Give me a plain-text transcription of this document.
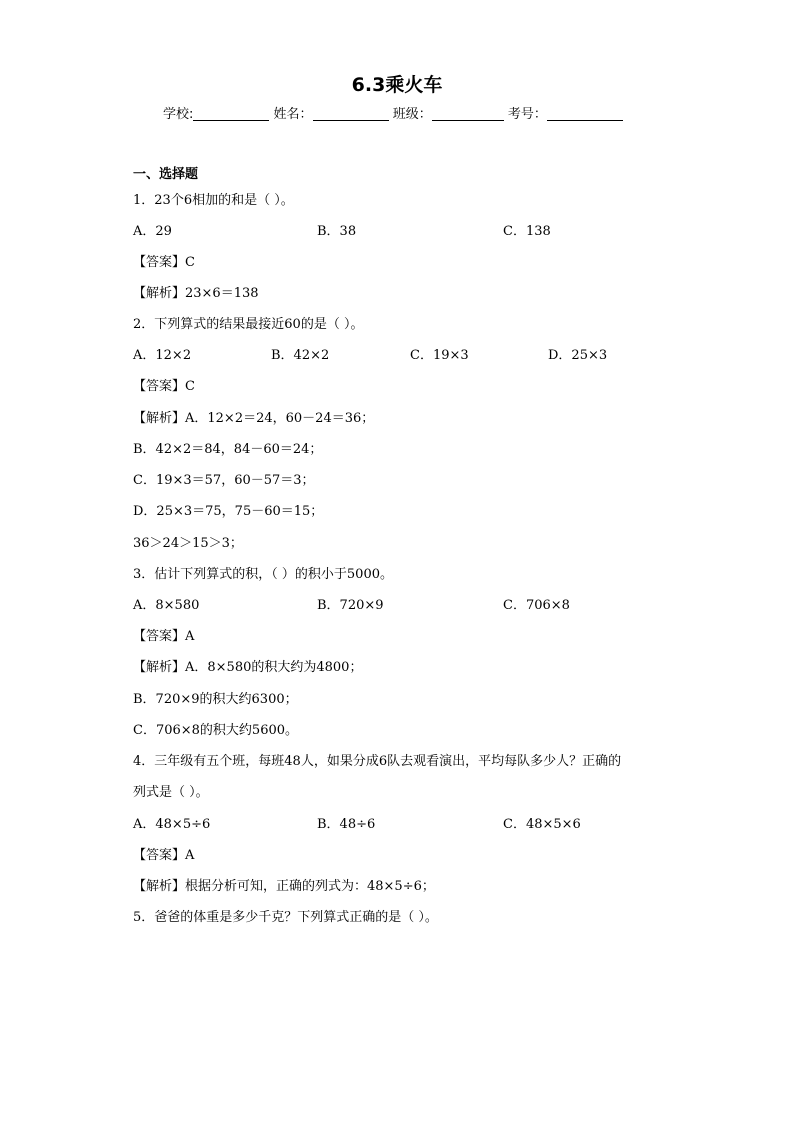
6.3乘火车
学校:	姓名：	班级：	考号：
一、选择题
1．23个6相加的和是（ ）。
A．29	B．38	C．138
【答案】C
【解析】23×6＝138
2．下列算式的结果最接近60的是（ ）。
A．12×2	B．42×2	C．19×3	D．25×3
【答案】C
【解析】A．12×2＝24，60－24＝36；
B．42×2＝84，84－60＝24；
C．19×3＝57，60－57＝3；
D．25×3＝75，75－60＝15；
36＞24＞15＞3；
3．估计下列算式的积，（ ）的积小于5000。
A．8×580	B．720×9	C．706×8
【答案】A
【解析】A．8×580的积大约为4800；
B．720×9的积大约6300；
C．706×8的积大约5600。
4．三年级有五个班，每班48人，如果分成6队去观看演出，平均每队多少人？正确的
列式是（ ）。
A．48×5÷6	B．48÷6	C．48×5×6
【答案】A
【解析】根据分析可知，正确的列式为：48×5÷6；
5．爸爸的体重是多少千克？下列算式正确的是（ ）。
